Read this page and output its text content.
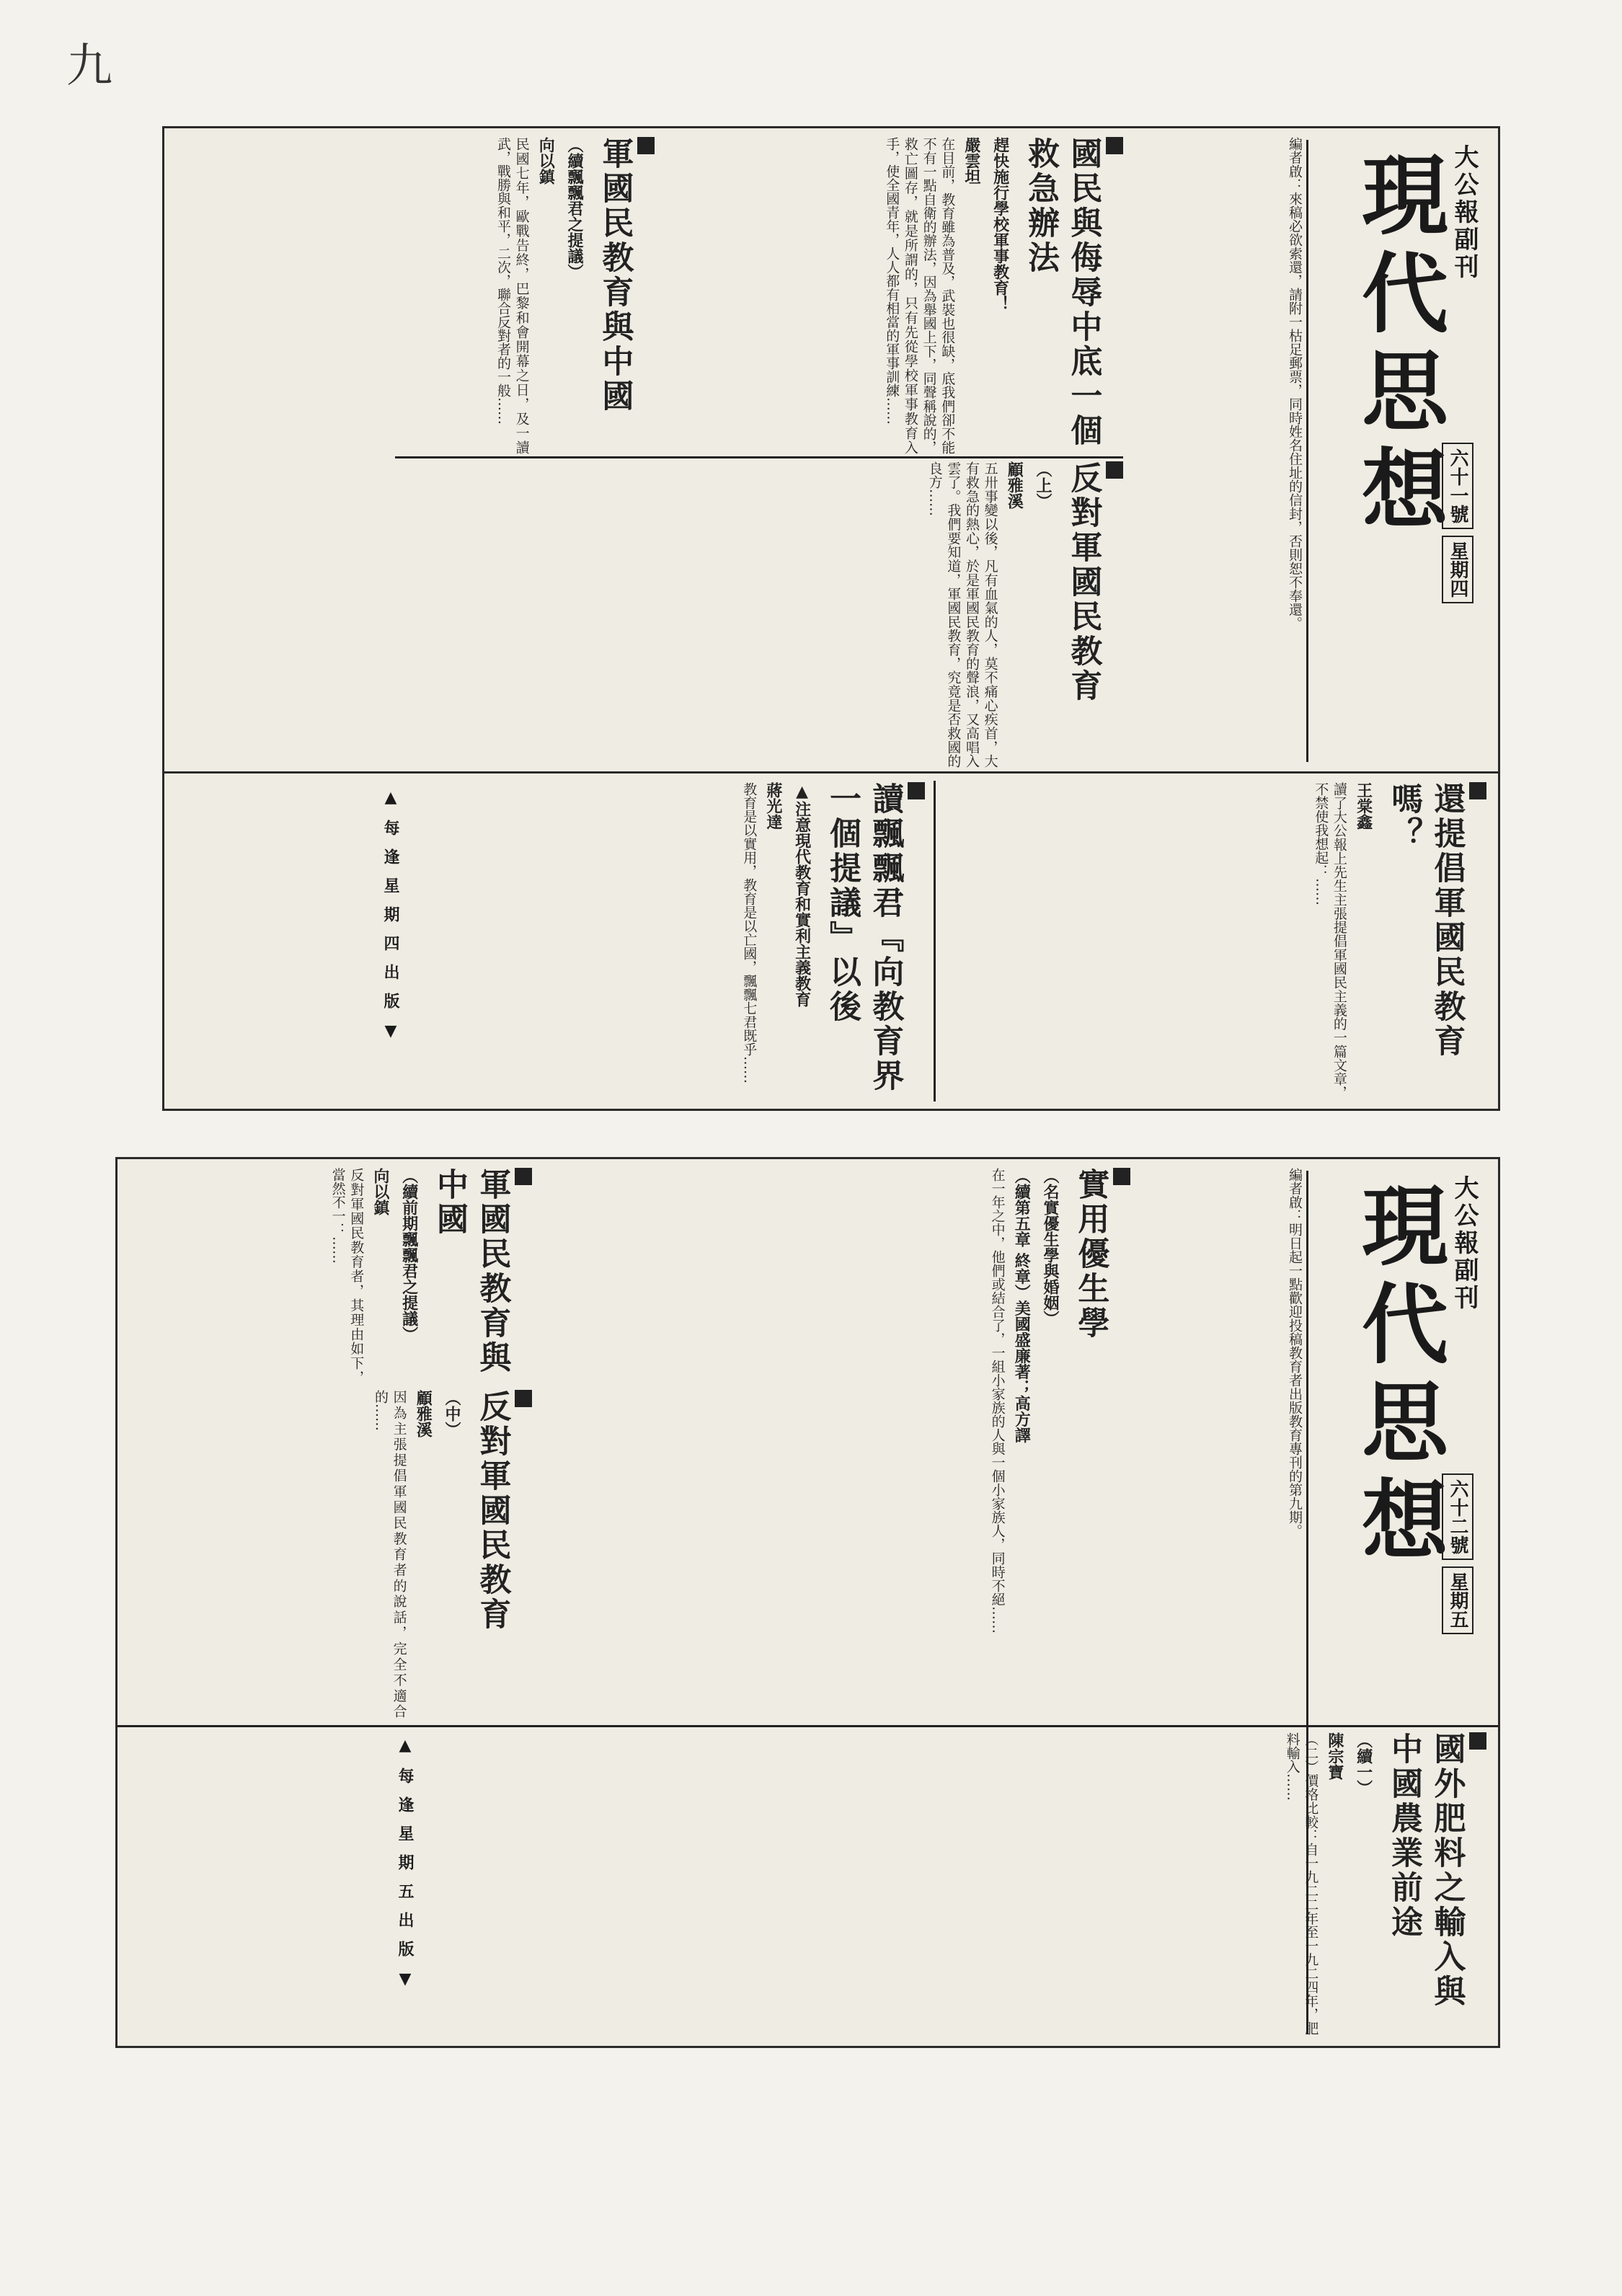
九
大公報副刊
現代思想
六十一號 星期四
編者啟：來稿必欲索還，請附一枯足郵票，同時姓名住址的信封，否則恕不奉還。
國民與侮辱中底一個救急辦法
趕快施行學校軍事教育！
嚴雲坦
在目前，教育雖為普及，武裝也很缺，底我們卻不能不有一點自衛的辦法，因為舉國上下，同聲稱說的，救亡圖存，就是所謂的，只有先從學校軍事教育入手，使全國青年，人人都有相當的軍事訓練……
反對軍國民教育
（上）
顧雅溪
五卅事變以後，凡有血氣的人，莫不痛心疾首，大有救急的熱心，於是軍國民教育的聲浪，又高唱入雲了。我們要知道，軍國民教育，究竟是否救國的良方……
軍國民教育與中國
（續飄飄君之提議）
向以鎮
民國七年，歐戰告終，巴黎和會開幕之日，及一讀武，戰勝與和平，二次，聯合反對者的一般……
還提倡軍國民教育嗎？
王棠鑫
讀了大公報上先生主張提倡軍國民主義的一篇文章，不禁使我想起：……
讀飄飄君『向教育界一個提議』以後
▲注意現代教育和實利主義教育
蔣光達
教育是以實用，教育是以亡國，飄飄七君既乎……
▲每逢星期四出版▼
大公報副刊
現代思想
六十二號 星期五
編者啟：明日起一點歡迎投稿教育者出版教育專刊的第九期。
實用優生學
（名實優生學與婚姻）
（續第五章 終章）美國盛廉著；高方譯
在一年之中，他們或結合了，一組小家族的人與一個小家族人，同時不絕……
軍國民教育與中國
（續前期飄飄君之提議）
向以鎮
反對軍國民教育者，其理由如下，當然不一：……
反對軍國民教育
（中）
顧雅溪
因為主張提倡軍國民教育者的說話，完全不適合的……
國外肥料之輸入與中國農業前途
（續一）
陳宗寶
（二）價格比較：自一九二二年至一九二四年，肥料輸入……
▲每逢星期五出版▼
